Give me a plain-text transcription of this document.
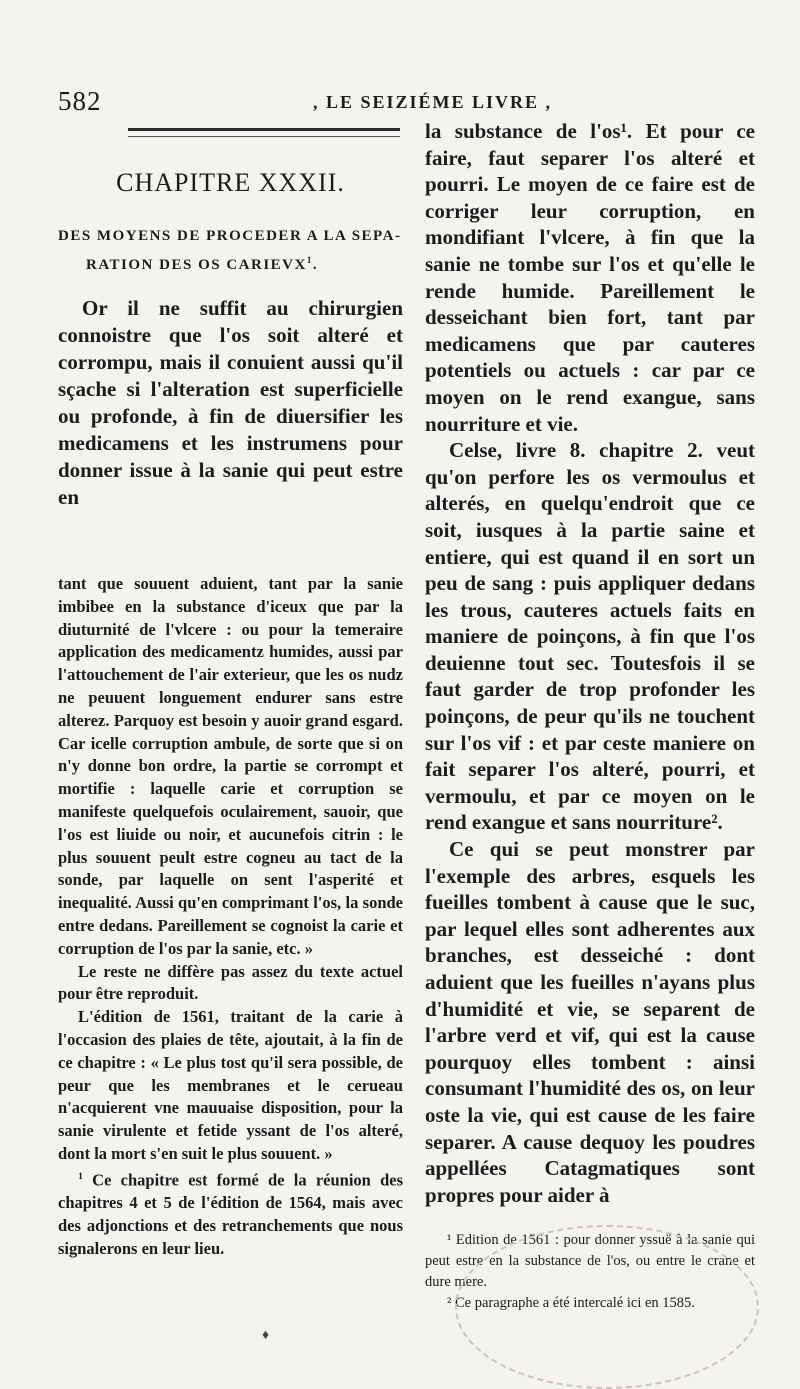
582	, LE SEIZIÉME LIVRE ,
CHAPITRE XXXII.
DES MOYENS DE PROCEDER A LA SEPA-
RATION DES OS CARIEVX$^1$.

Or il ne suffit au chirurgien connoistre que l'os soit alteré et corrompu, mais il conuient aussi qu'il sçache si l'alteration est superficielle ou profonde, à fin de diuersifier les medicamens et les instrumens pour donner issue à la sanie qui peut estre en

tant que souuent aduient, tant par la sanie imbibee en la substance d'iceux que par la diuturnité de l'vlcere : ou pour la temeraire application des medicamentz humides, aussi par l'attouchement de l'air exterieur, que les os nudz ne peuuent longuement endurer sans estre alterez. Parquoy est besoin y auoir grand esgard. Car icelle corruption ambule, de sorte que si on n'y donne bon ordre, la partie se corrompt et mortifie : laquelle carie et corruption se manifeste quelquefois oculairement, sauoir, que l'os est liuide ou noir, et aucunefois citrin : le plus souuent peult estre cogneu au tact de la sonde, par laquelle on sent l'asperité et inequalité. Aussi qu'en comprimant l'os, la sonde entre dedans. Pareillement se cognoist la carie et corruption de l'os par la sanie, etc. »

Le reste ne diffère pas assez du texte actuel pour être reproduit.

L'édition de 1561, traitant de la carie à l'occasion des plaies de tête, ajoutait, à la fin de ce chapitre : « Le plus tost qu'il sera possible, de peur que les membranes et le cerueau n'acquierent vne mauuaise disposition, pour la sanie virulente et fetide yssant de l'os alteré, dont la mort s'en suit le plus souuent. »

$^1$ Ce chapitre est formé de la réunion des chapitres 4 et 5 de l'édition de 1564, mais avec des adjonctions et des retranchements que nous signalerons en leur lieu.

la substance de l'os¹. Et pour ce faire, faut separer l'os alteré et pourri. Le moyen de ce faire est de corriger leur corruption, en mondifiant l'vlcere, à fin que la sanie ne tombe sur l'os et qu'elle le rende humide. Pareillement le desseichant bien fort, tant par medicamens que par cauteres potentiels ou actuels : car par ce moyen on le rend exangue, sans nourriture et vie.

Celse, livre 8. chapitre 2. veut qu'on perfore les os vermoulus et alterés, en quelqu'endroit que ce soit, iusques à la partie saine et entiere, qui est quand il en sort un peu de sang : puis appliquer dedans les trous, cauteres actuels faits en maniere de poinçons, à fin que l'os deuienne tout sec. Toutesfois il se faut garder de trop profonder les poinçons, de peur qu'ils ne touchent sur l'os vif : et par ceste maniere on fait separer l'os alteré, pourri, et vermoulu, et par ce moyen on le rend exangue et sans nourriture².

Ce qui se peut monstrer par l'exemple des arbres, esquels les fueilles tombent à cause que le suc, par lequel elles sont adherentes aux branches, est desseiché : dont aduient que les fueilles n'ayans plus d'humidité et vie, se separent de l'arbre verd et vif, qui est la cause pourquoy elles tombent : ainsi consumant l'humidité des os, on leur oste la vie, qui est cause de les faire separer. A cause dequoy les poudres appellées Catagmatiques sont propres pour aider à

¹ Edition de 1561 : pour donner yssuë à la sanie qui peut estre en la substance de l'os, ou entre le crane et dure mere.

² Ce paragraphe a été intercalé ici en 1585.

♦
